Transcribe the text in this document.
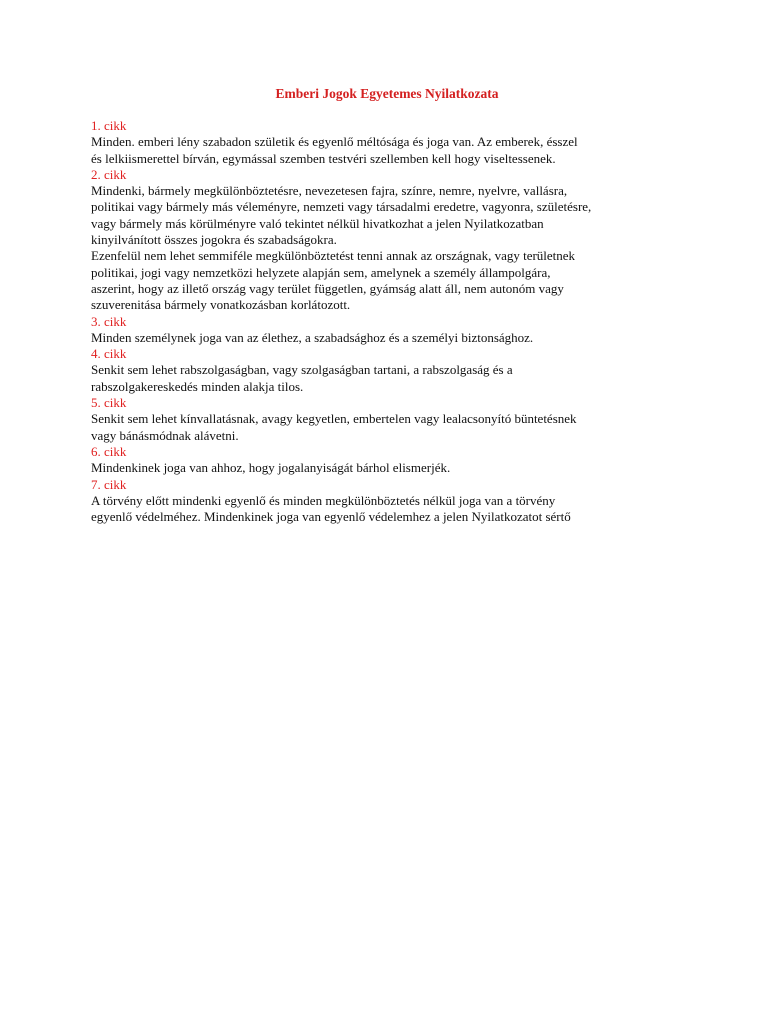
Emberi Jogok Egyetemes Nyilatkozata

1. cikk

Minden. emberi lény szabadon születik és egyenlő méltósága és joga van. Az emberek, ésszel

és lelkiismerettel bírván, egymással szemben testvéri szellemben kell hogy viseltessenek.

2. cikk

Mindenki, bármely megkülönböztetésre, nevezetesen fajra, színre, nemre, nyelvre, vallásra,

politikai vagy bármely más véleményre, nemzeti vagy társadalmi eredetre, vagyonra, születésre,

vagy bármely más körülményre való tekintet nélkül hivatkozhat a jelen Nyilatkozatban

kinyilvánított összes jogokra és szabadságokra.

Ezenfelül nem lehet semmiféle megkülönböztetést tenni annak az országnak, vagy területnek

politikai, jogi vagy nemzetközi helyzete alapján sem, amelynek a személy állampolgára,

aszerint, hogy az illető ország vagy terület független, gyámság alatt áll, nem autonóm vagy

szuverenitása bármely vonatkozásban korlátozott.

3. cikk

Minden személynek joga van az élethez, a szabadsághoz és a személyi biztonsághoz.

4. cikk

Senkit sem lehet rabszolgaságban, vagy szolgaságban tartani, a rabszolgaság és a

rabszolgakereskedés minden alakja tilos.

5. cikk

Senkit sem lehet kínvallatásnak, avagy kegyetlen, embertelen vagy lealacsonyító büntetésnek

vagy bánásmódnak alávetni.

6. cikk

Mindenkinek joga van ahhoz, hogy jogalanyiságát bárhol elismerjék.

7. cikk

A törvény előtt mindenki egyenlő és minden megkülönböztetés nélkül joga van a törvény

egyenlő védelméhez. Mindenkinek joga van egyenlő védelemhez a jelen Nyilatkozatot sértő
